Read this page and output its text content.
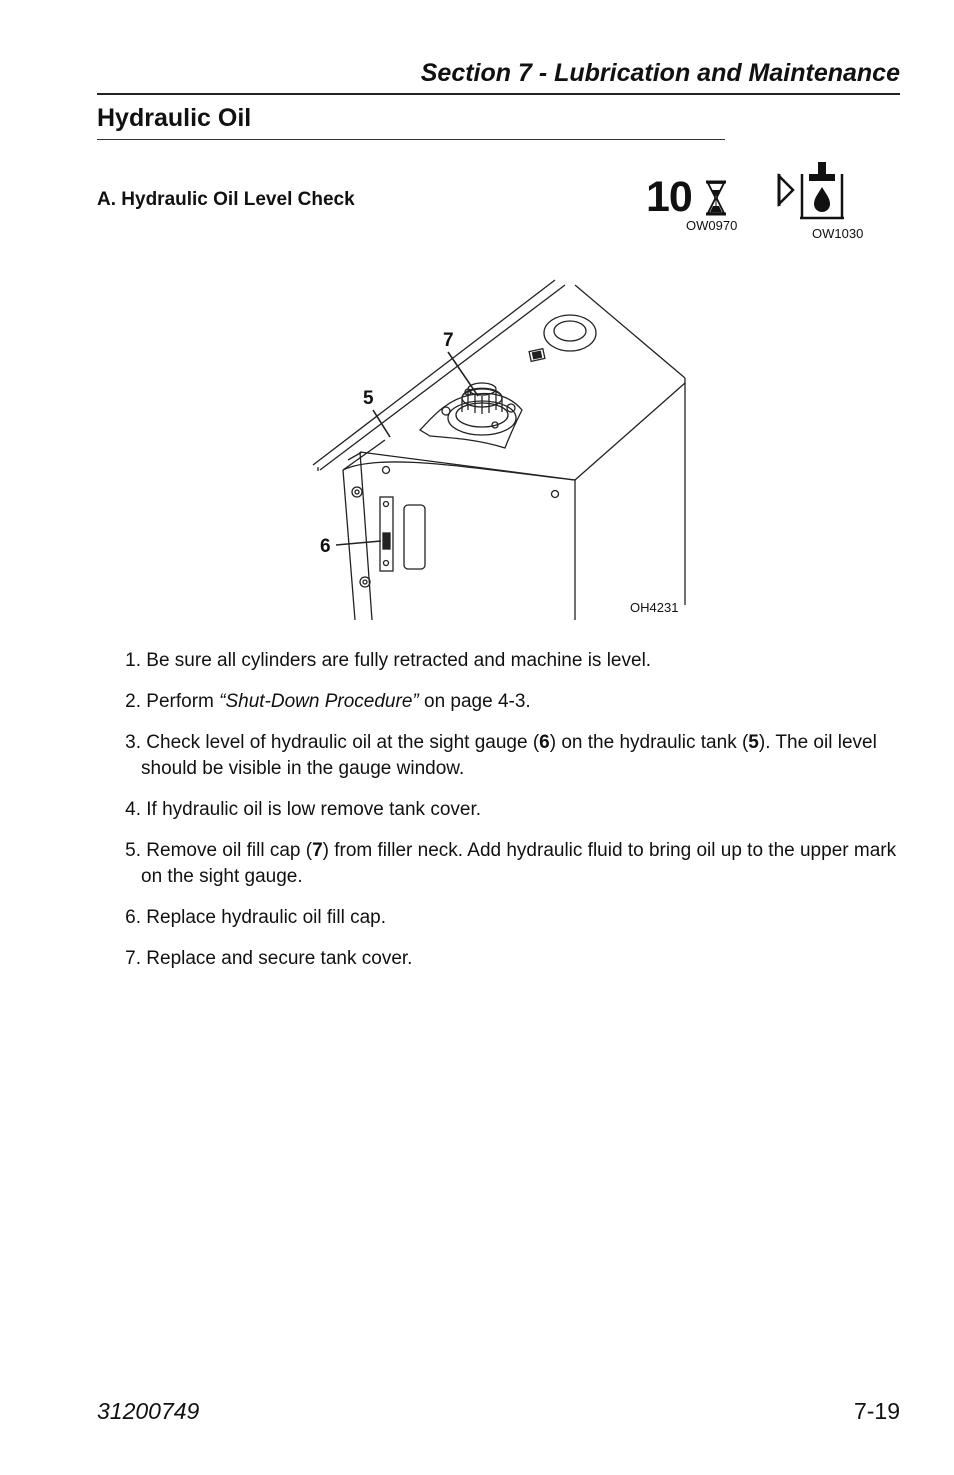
Section 7 - Lubrication and Maintenance
Hydraulic Oil
A. Hydraulic Oil Level Check	10
OW0970
OW1030
7
5
6
OH4231
1. Be sure all cylinders are fully retracted and machine is level.
2. Perform “Shut-Down Procedure” on page 4-3.
3. Check level of hydraulic oil at the sight gauge (6) on the hydraulic tank (5). The oil level should be visible in the gauge window.
4. If hydraulic oil is low remove tank cover.
5. Remove oil fill cap (7) from filler neck. Add hydraulic fluid to bring oil up to the upper mark on the sight gauge.
6. Replace hydraulic oil fill cap.
7. Replace and secure tank cover.
31200749	7-19
